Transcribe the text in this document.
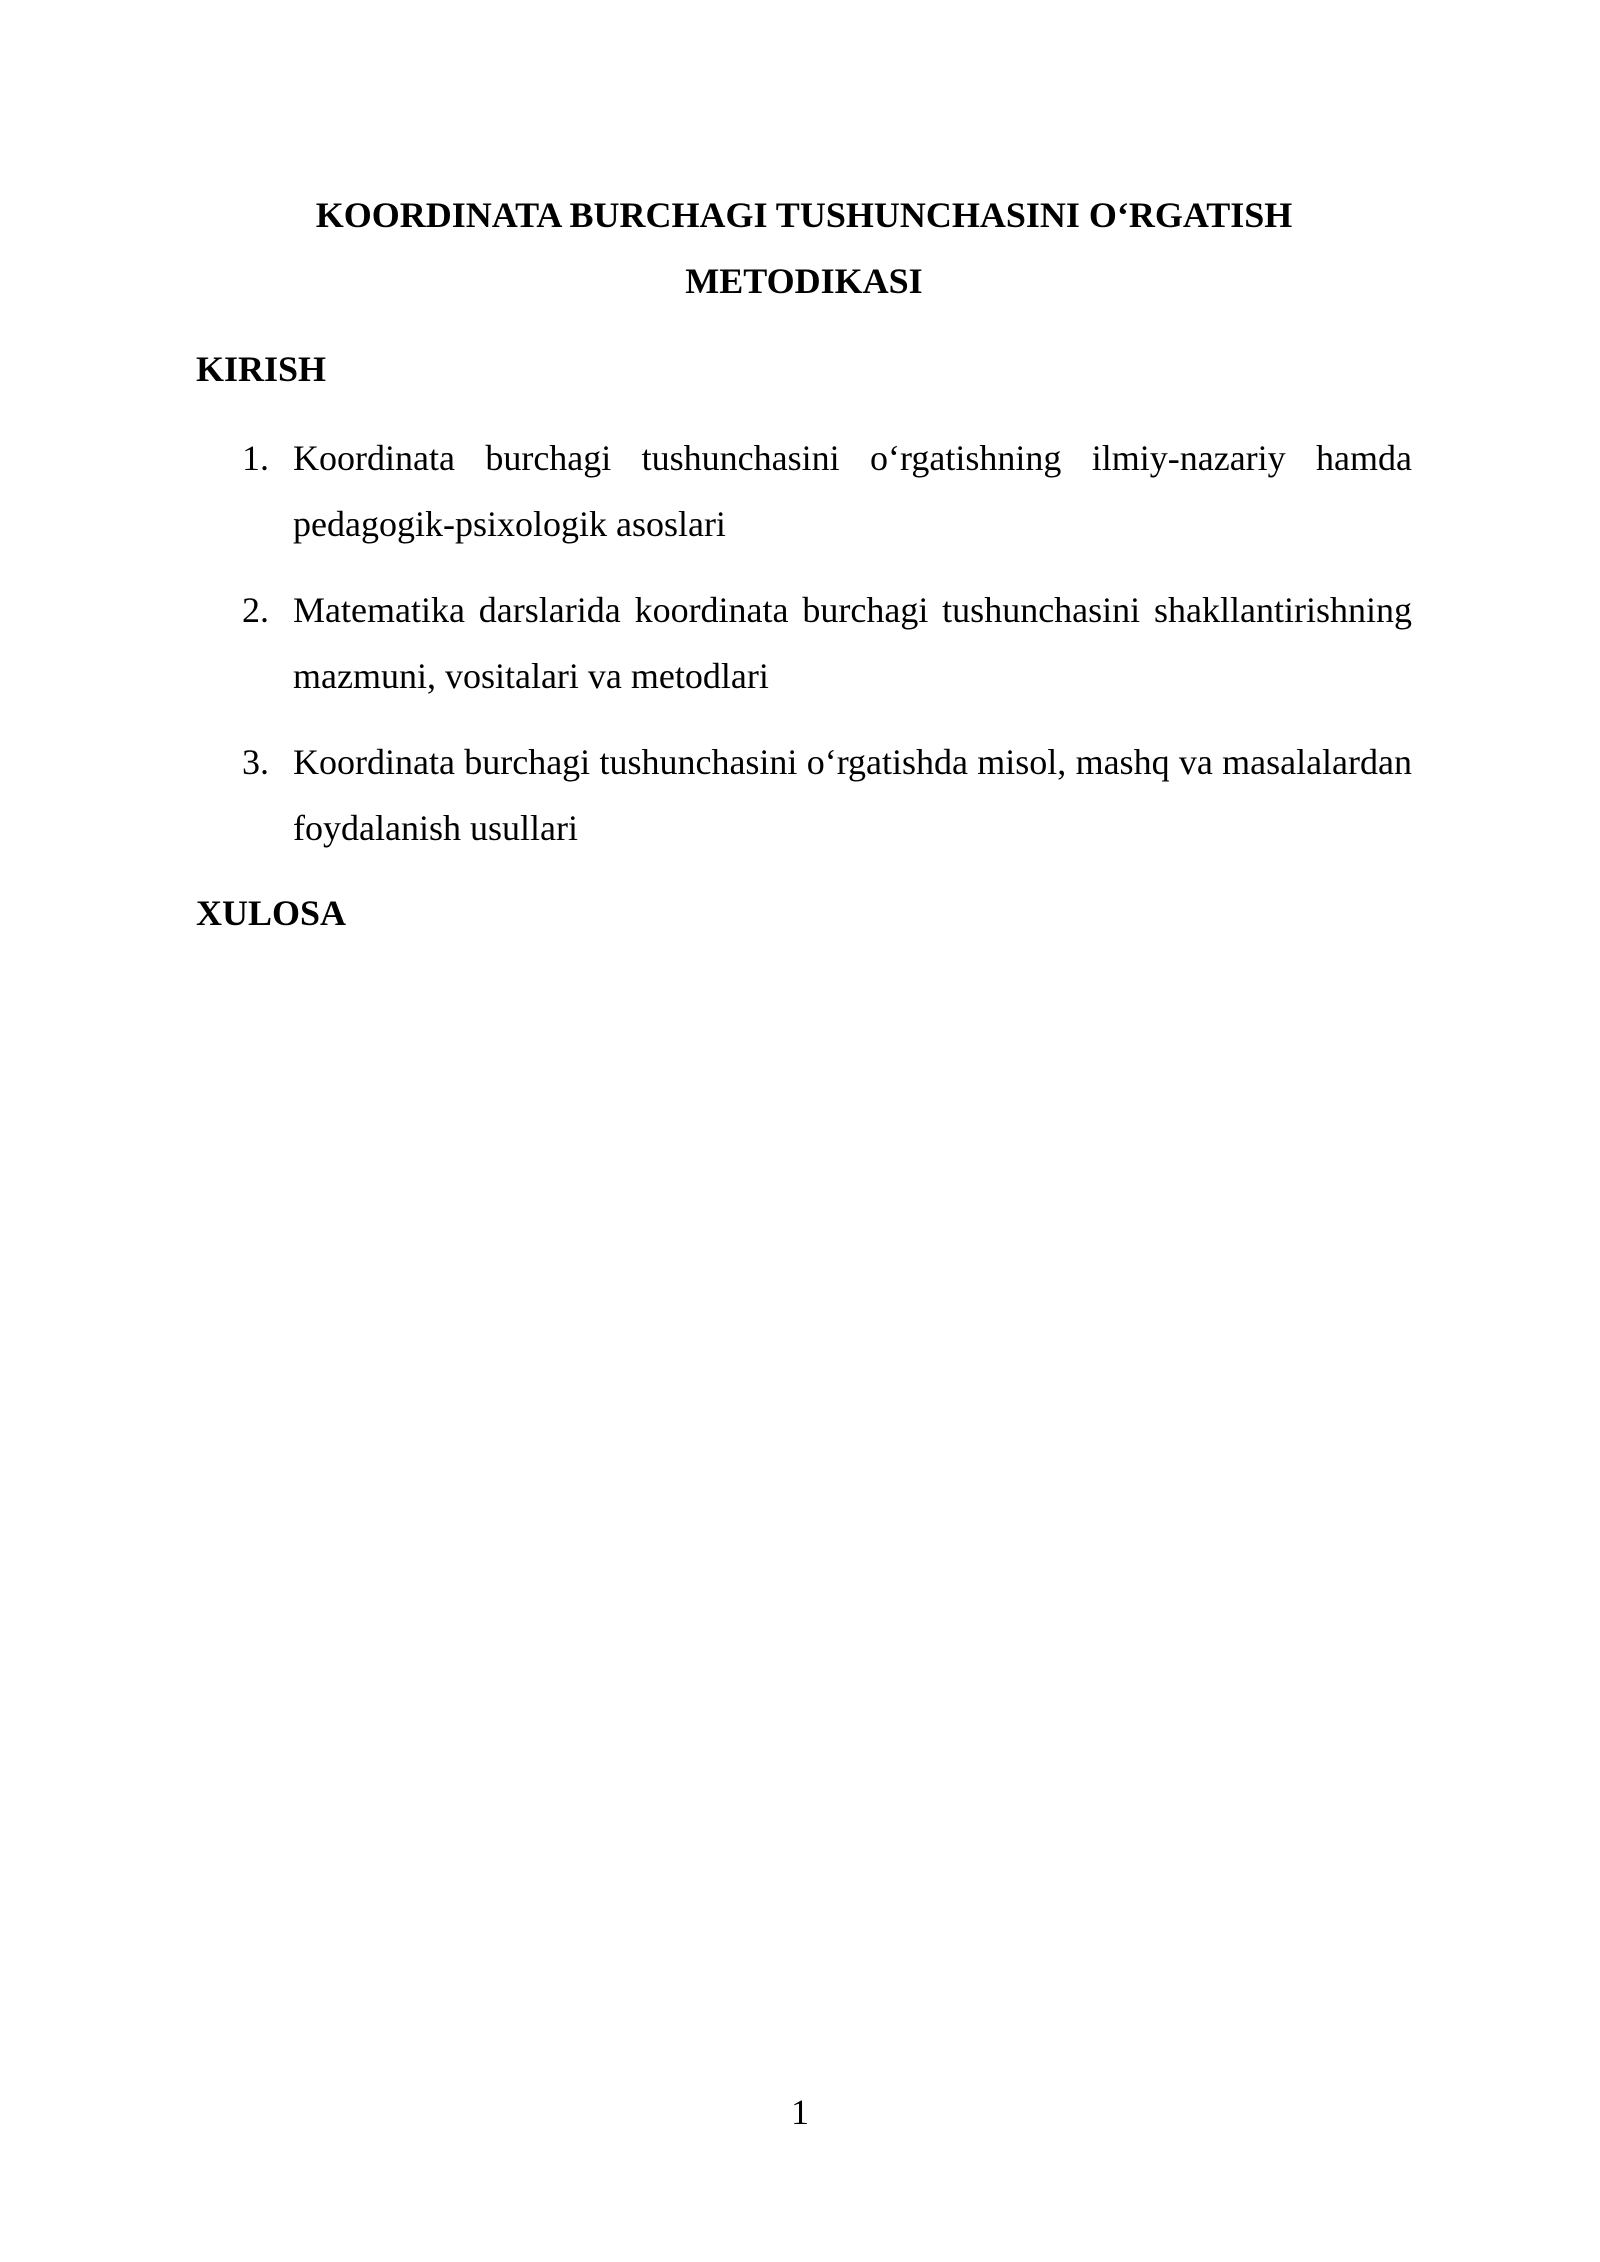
KOORDINATA BURCHAGI TUSHUNCHASINI O‘RGATISH METODIKASI
KIRISH
1. Koordinata burchagi tushunchasini o‘rgatishning ilmiy-nazariy hamda pedagogik-psixologik asoslari
2. Matematika darslarida koordinata burchagi tushunchasini shakllantirishning mazmuni, vositalari va metodlari
3. Koordinata burchagi tushunchasini o‘rgatishda misol, mashq va masalalardan foydalanish usullari
XULOSA

1
